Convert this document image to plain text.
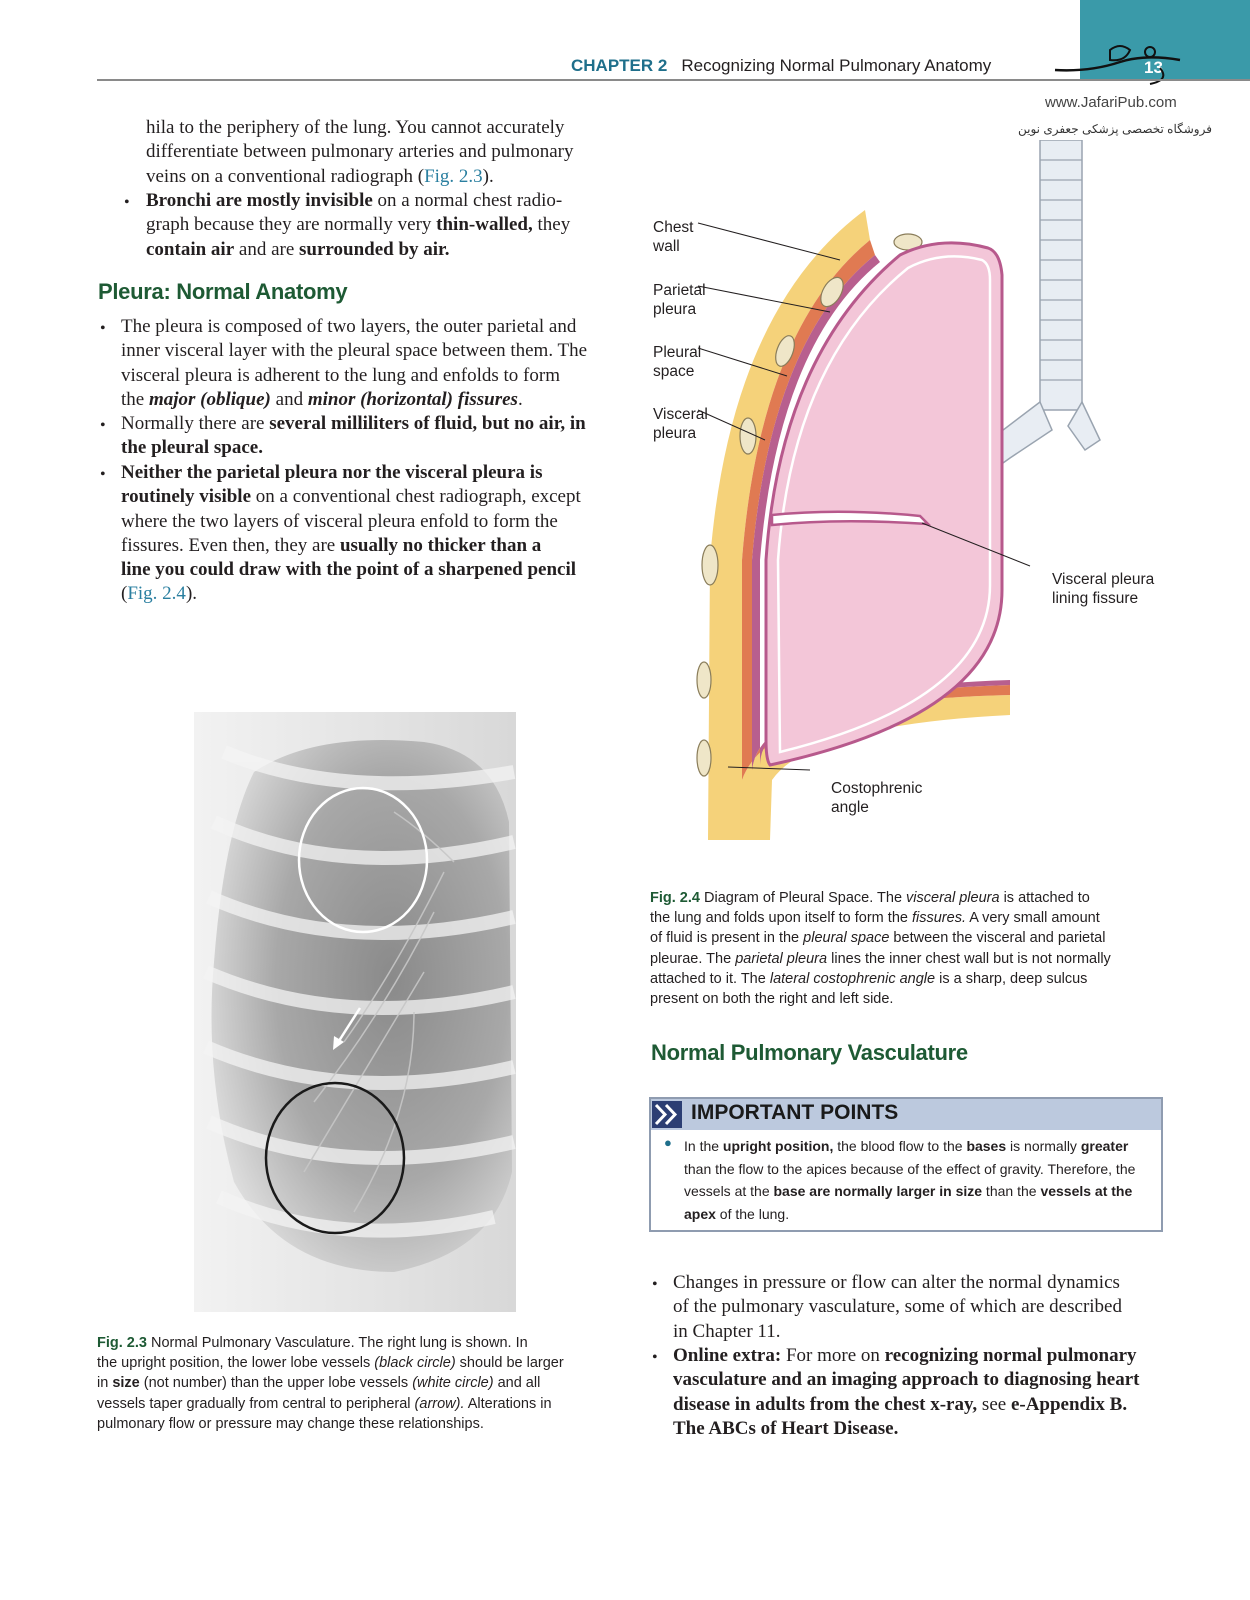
13
CHAPTER 2 Recognizing Normal Pulmonary Anatomy
www.JafariPub.com
فروشگاه تخصصی پزشکی جعفری نوین
hila to the periphery of the lung. You cannot accurately
differentiate between pulmonary arteries and pulmonary
veins on a conventional radiograph (Fig. 2.3).
• Bronchi are mostly invisible on a normal chest radio-
graph because they are normally very thin-walled, they
contain air and are surrounded by air.
Pleura: Normal Anatomy
• The pleura is composed of two layers, the outer parietal and
inner visceral layer with the pleural space between them. The
visceral pleura is adherent to the lung and enfolds to form
the major (oblique) and minor (horizontal) fissures.
• Normally there are several milliliters of fluid, but no air, in
the pleural space.
• Neither the parietal pleura nor the visceral pleura is
routinely visible on a conventional chest radiograph, except
where the two layers of visceral pleura enfold to form the
fissures. Even then, they are usually no thicker than a
line you could draw with the point of a sharpened pencil
(Fig. 2.4).
Fig. 2.3 Normal Pulmonary Vasculature. The right lung is shown. In
the upright position, the lower lobe vessels (black circle) should be larger
in size (not number) than the upper lobe vessels (white circle) and all
vessels taper gradually from central to peripheral (arrow). Alterations in
pulmonary flow or pressure may change these relationships.
Chest
wall
Parietal
pleura
Pleural
space
Visceral
pleura
Visceral pleura
lining fissure
Costophrenic
angle
Fig. 2.4 Diagram of Pleural Space. The visceral pleura is attached to
the lung and folds upon itself to form the fissures. A very small amount
of fluid is present in the pleural space between the visceral and parietal
pleurae. The parietal pleura lines the inner chest wall but is not normally
attached to it. The lateral costophrenic angle is a sharp, deep sulcus
present on both the right and left side.
Normal Pulmonary Vasculature
IMPORTANT POINTS
● In the upright position, the blood flow to the bases is normally greater
than the flow to the apices because of the effect of gravity. Therefore, the
vessels at the base are normally larger in size than the vessels at the
apex of the lung.
• Changes in pressure or flow can alter the normal dynamics
of the pulmonary vasculature, some of which are described
in Chapter 11.
• Online extra: For more on recognizing normal pulmonary
vasculature and an imaging approach to diagnosing heart
disease in adults from the chest x-ray, see e-Appendix B.
The ABCs of Heart Disease.
